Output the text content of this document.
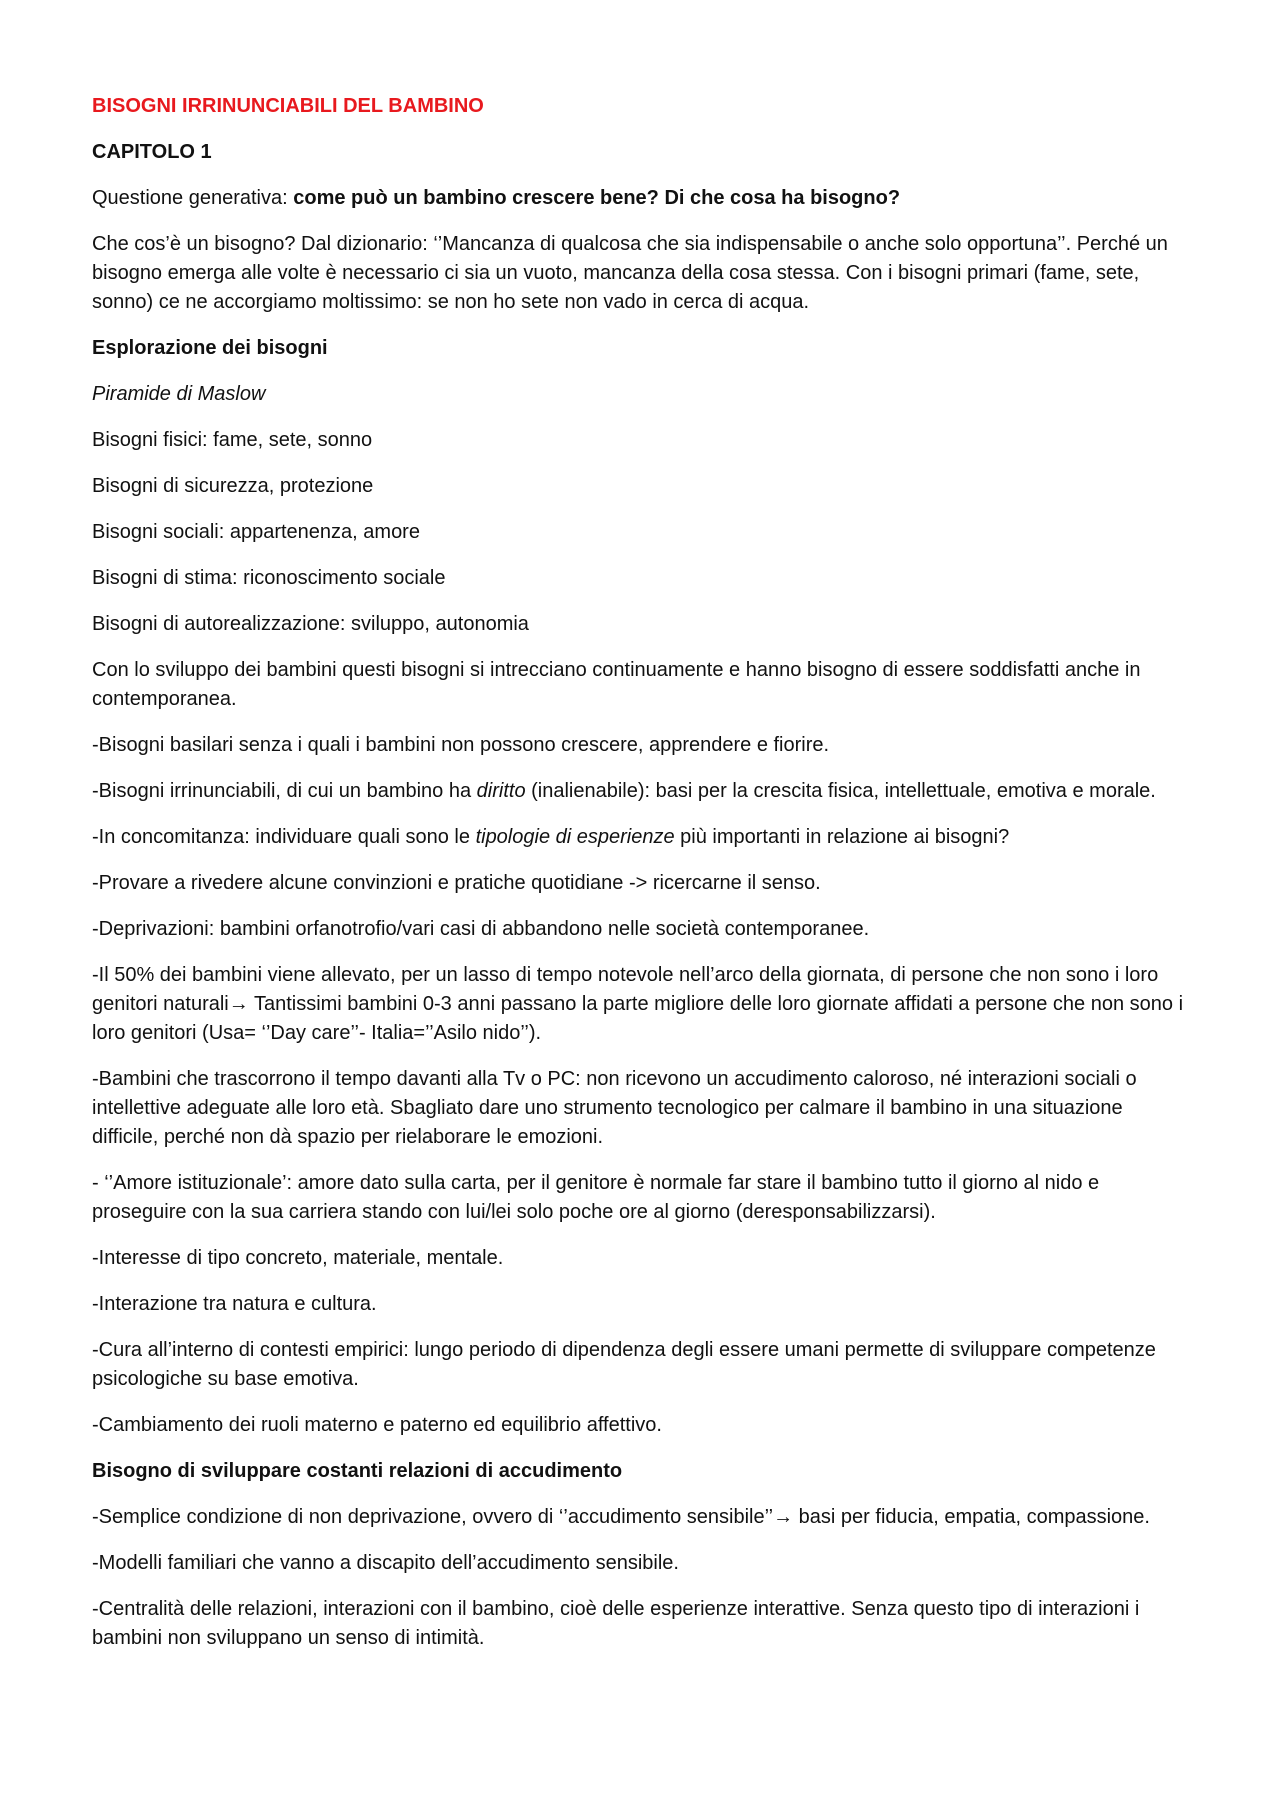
BISOGNI IRRINUNCIABILI DEL BAMBINO

CAPITOLO 1

Questione generativa: come può un bambino crescere bene? Di che cosa ha bisogno?

Che cos’è un bisogno? Dal dizionario: ‘’Mancanza di qualcosa che sia indispensabile o anche solo opportuna’’. Perché un bisogno emerga alle volte è necessario ci sia un vuoto, mancanza della cosa stessa. Con i bisogni primari (fame, sete, sonno) ce ne accorgiamo moltissimo: se non ho sete non vado in cerca di acqua.

Esplorazione dei bisogni

Piramide di Maslow

Bisogni fisici: fame, sete, sonno

Bisogni di sicurezza, protezione

Bisogni sociali: appartenenza, amore

Bisogni di stima: riconoscimento sociale

Bisogni di autorealizzazione: sviluppo, autonomia

Con lo sviluppo dei bambini questi bisogni si intrecciano continuamente e hanno bisogno di essere soddisfatti anche in contemporanea.

-Bisogni basilari senza i quali i bambini non possono crescere, apprendere e fiorire.

-Bisogni irrinunciabili, di cui un bambino ha diritto (inalienabile): basi per la crescita fisica, intellettuale, emotiva e morale.

-In concomitanza: individuare quali sono le tipologie di esperienze più importanti in relazione ai bisogni?

-Provare a rivedere alcune convinzioni e pratiche quotidiane -> ricercarne il senso.

-Deprivazioni: bambini orfanotrofio/vari casi di abbandono nelle società contemporanee.

-Il 50% dei bambini viene allevato, per un lasso di tempo notevole nell’arco della giornata, di persone che non sono i loro genitori naturali→ Tantissimi bambini 0-3 anni passano la parte migliore delle loro giornate affidati a persone che non sono i loro genitori (Usa= ‘’Day care’’- Italia=’’Asilo nido’’).

-Bambini che trascorrono il tempo davanti alla Tv o PC: non ricevono un accudimento caloroso, né interazioni sociali o intellettive adeguate alle loro età. Sbagliato dare uno strumento tecnologico per calmare il bambino in una situazione difficile, perché non dà spazio per rielaborare le emozioni.

- ‘’Amore istituzionale’: amore dato sulla carta, per il genitore è normale far stare il bambino tutto il giorno al nido e proseguire con la sua carriera stando con lui/lei solo poche ore al giorno (deresponsabilizzarsi).

-Interesse di tipo concreto, materiale, mentale.

-Interazione tra natura e cultura.

-Cura all’interno di contesti empirici: lungo periodo di dipendenza degli essere umani permette di sviluppare competenze psicologiche su base emotiva.

-Cambiamento dei ruoli materno e paterno ed equilibrio affettivo.

Bisogno di sviluppare costanti relazioni di accudimento

-Semplice condizione di non deprivazione, ovvero di ‘’accudimento sensibile’’→ basi per fiducia, empatia, compassione.

-Modelli familiari che vanno a discapito dell’accudimento sensibile.

-Centralità delle relazioni, interazioni con il bambino, cioè delle esperienze interattive. Senza questo tipo di interazioni i bambini non sviluppano un senso di intimità.
